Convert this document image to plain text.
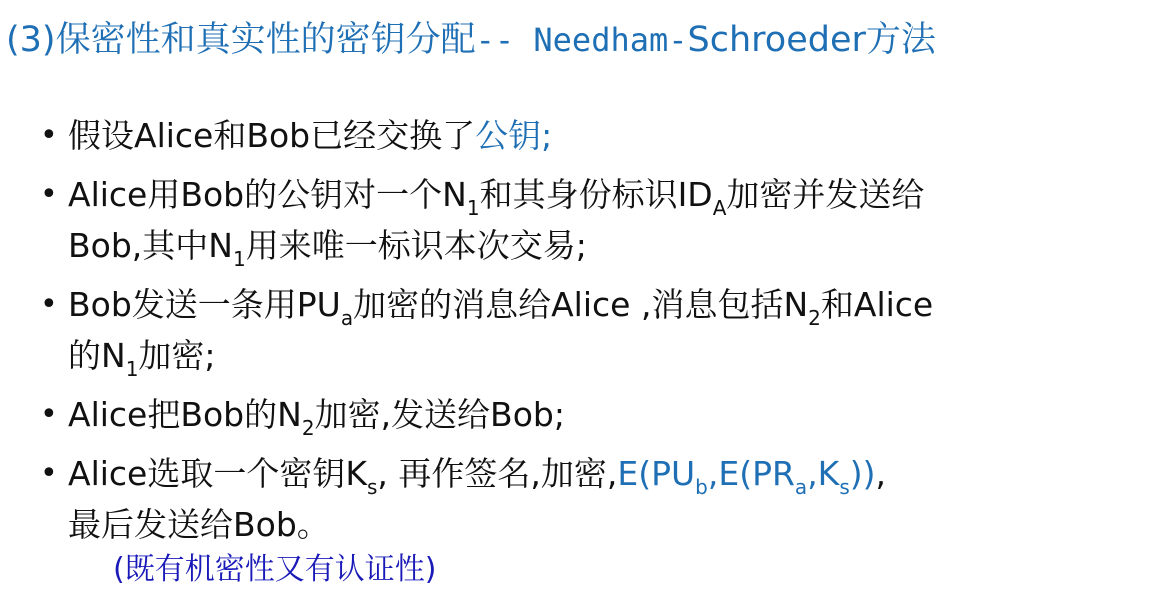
(3)保密性和真实性的密钥分配-- Needham-Schroeder方法
• 假设Alice和Bob已经交换了公钥;
• Alice用Bob的公钥对一个$N_1$和其身份标识$ID_A$加密并发送给
Bob,其中$N_1$用来唯一标识本次交易;
• Bob发送一条用$PU_a$加密的消息给Alice ,消息包括$N_2$和Alice
的$N_1$加密;
• Alice把Bob的$N_2$加密,发送给Bob;
• Alice选取一个密钥$K_s$, 再作签名,加密$,E(PU_b,E(PR_a,K_s))$,
最后发送给Bob。
(既有机密性又有认证性)
